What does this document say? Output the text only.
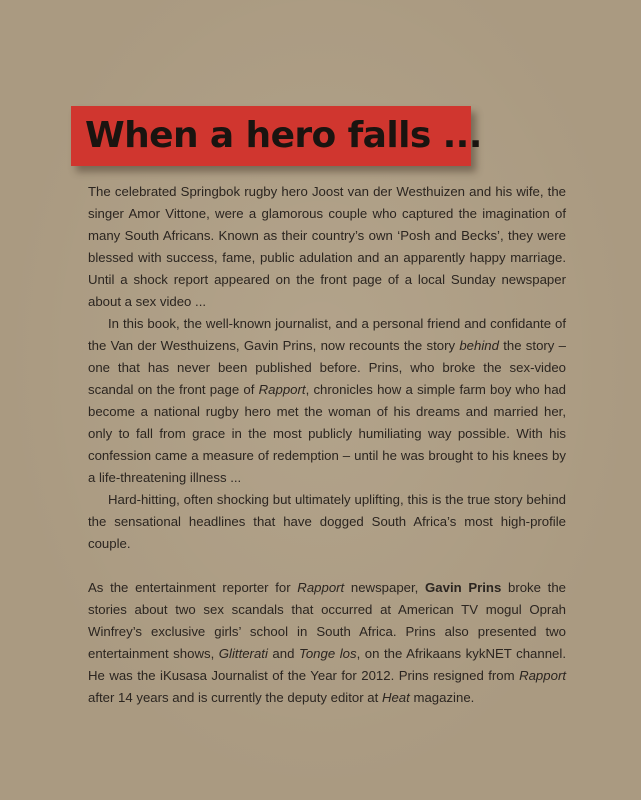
When a hero falls ...

The celebrated Springbok rugby hero Joost van der Westhuizen and his wife, the singer Amor Vittone, were a glamorous couple who captured the imagination of many South Africans. Known as their country’s own ‘Posh and Becks’, they were blessed with success, fame, public adulation and an apparently happy marriage. Until a shock report appeared on the front page of a local Sunday newspaper about a sex video ...

In this book, the well-known journalist, and a personal friend and confidante of the Van der Westhuizens, Gavin Prins, now recounts the story behind the story – one that has never been published before. Prins, who broke the sex-video scandal on the front page of Rapport, chronicles how a simple farm boy who had become a national rugby hero met the woman of his dreams and married her, only to fall from grace in the most publicly humiliating way possible. With his confession came a measure of redemption – until he was brought to his knees by a life-threatening illness ...

Hard-hitting, often shocking but ultimately uplifting, this is the true story behind the sensational headlines that have dogged South Africa’s most high-profile couple.

As the entertainment reporter for Rapport newspaper, Gavin Prins broke the stories about two sex scandals that occurred at American TV mogul Oprah Winfrey’s exclusive girls’ school in South Africa. Prins also presented two entertainment shows, Glitterati and Tonge los, on the Afrikaans kykNET channel. He was the iKusasa Journalist of the Year for 2012. Prins resigned from Rapport after 14 years and is currently the deputy editor at Heat magazine.
